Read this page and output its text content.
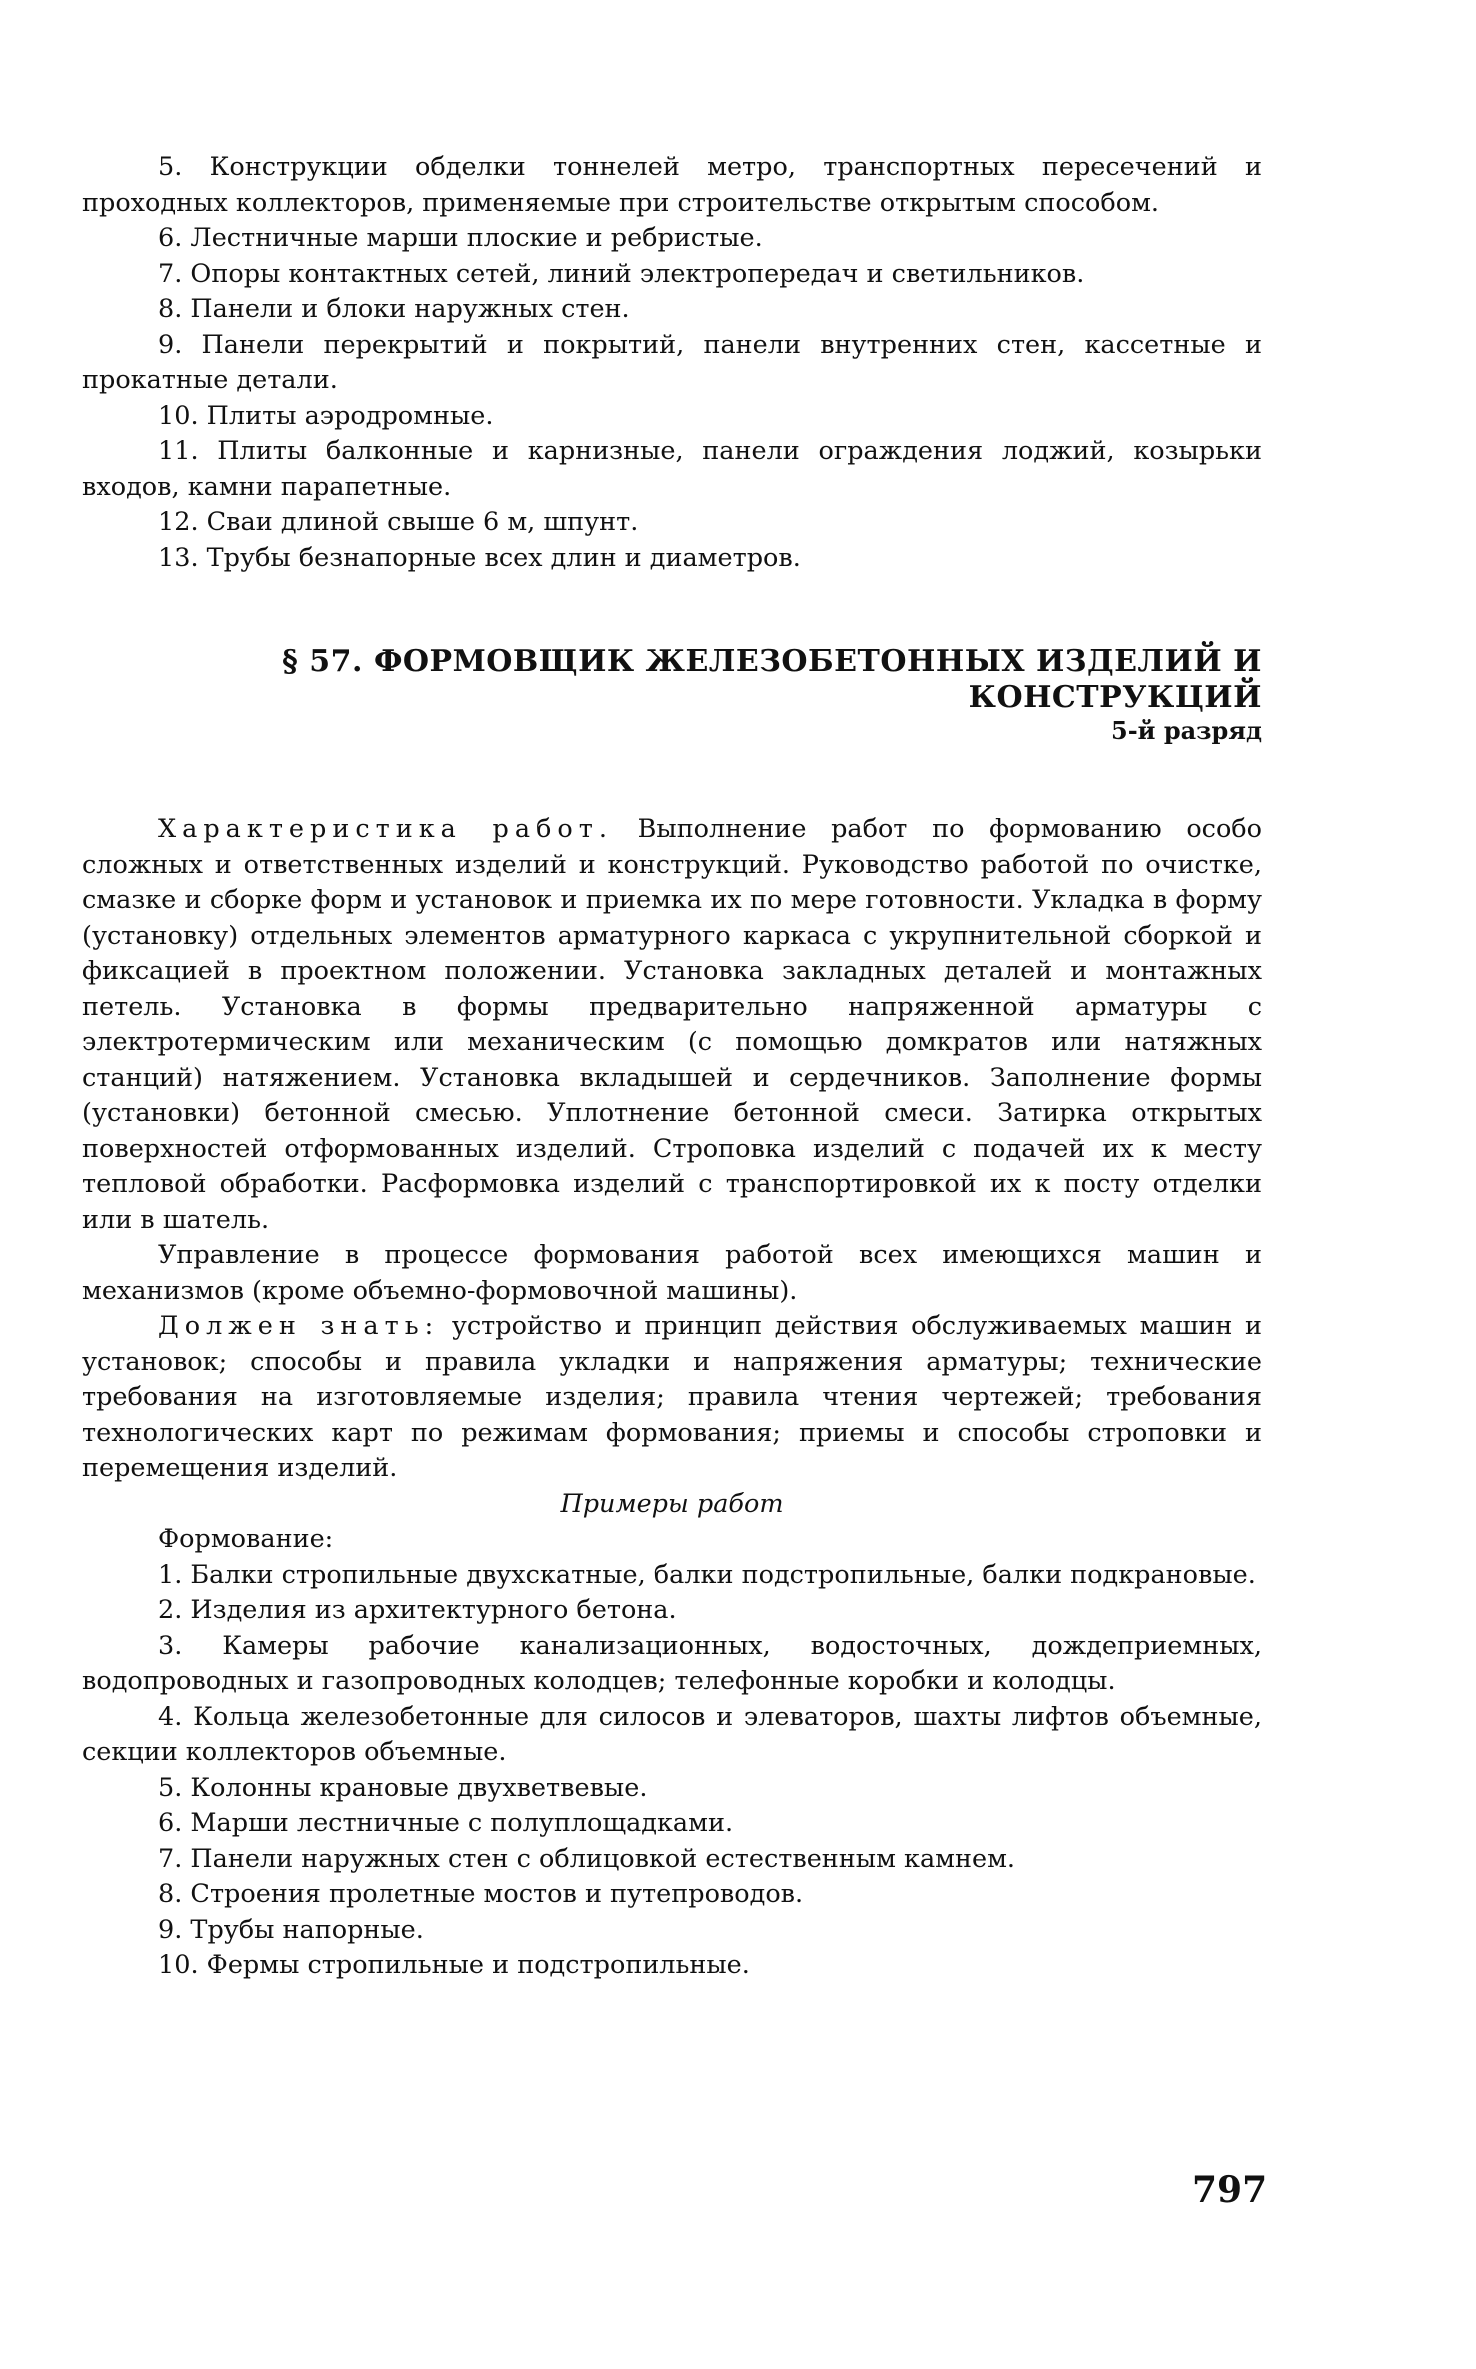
5. Конструкции обделки тоннелей метро, транспортных пересечений и проходных коллекторов, применяемые при строительстве открытым способом.

6. Лестничные марши плоские и ребристые.

7. Опоры контактных сетей, линий электропередач и светильников.

8. Панели и блоки наружных стен.

9. Панели перекрытий и покрытий, панели внутренних стен, кассетные и прокатные детали.

10. Плиты аэродромные.

11. Плиты балконные и карнизные, панели ограждения лоджий, козырьки входов, камни парапетные.

12. Сваи длиной свыше 6 м, шпунт.

13. Трубы безнапорные всех длин и диаметров.

§ 57. ФОРМОВЩИК ЖЕЛЕЗОБЕТОННЫХ ИЗДЕЛИЙ И КОНСТРУКЦИЙ
5-й разряд

Характеристика работ. Выполнение работ по формованию особо сложных и ответственных изделий и конструкций. Руководство работой по очистке, смазке и сборке форм и установок и приемка их по мере готовности. Укладка в форму (установку) отдельных элементов арматурного каркаса с укрупнительной сборкой и фиксацией в проектном положении. Установка закладных деталей и монтажных петель. Установка в формы предварительно напряженной арматуры с электротермическим или механическим (с помощью домкратов или натяжных станций) натяжением. Установка вкладышей и сердечников. Заполнение формы (установки) бетонной смесью. Уплотнение бетонной смеси. Затирка открытых поверхностей отформованных изделий. Строповка изделий с подачей их к месту тепловой обработки. Расформовка изделий с транспортировкой их к посту отделки или в шатель.

Управление в процессе формования работой всех имеющихся машин и механизмов (кроме объемно-формовочной машины).

Должен знать: устройство и принцип действия обслуживаемых машин и установок; способы и правила укладки и напряжения арматуры; технические требования на изготовляемые изделия; правила чтения чертежей; требования технологических карт по режимам формования; приемы и способы строповки и перемещения изделий.

Примеры работ

Формование:

1. Балки стропильные двухскатные, балки подстропильные, балки подкрановые.

2. Изделия из архитектурного бетона.

3. Камеры рабочие канализационных, водосточных, дождеприемных, водопроводных и газопроводных колодцев; телефонные коробки и колодцы.

4. Кольца железобетонные для силосов и элеваторов, шахты лифтов объемные, секции коллекторов объемные.

5. Колонны крановые двухветвевые.

6. Марши лестничные с полуплощадками.

7. Панели наружных стен с облицовкой естественным камнем.

8. Строения пролетные мостов и путепроводов.

9. Трубы напорные.

10. Фермы стропильные и подстропильные.

797
